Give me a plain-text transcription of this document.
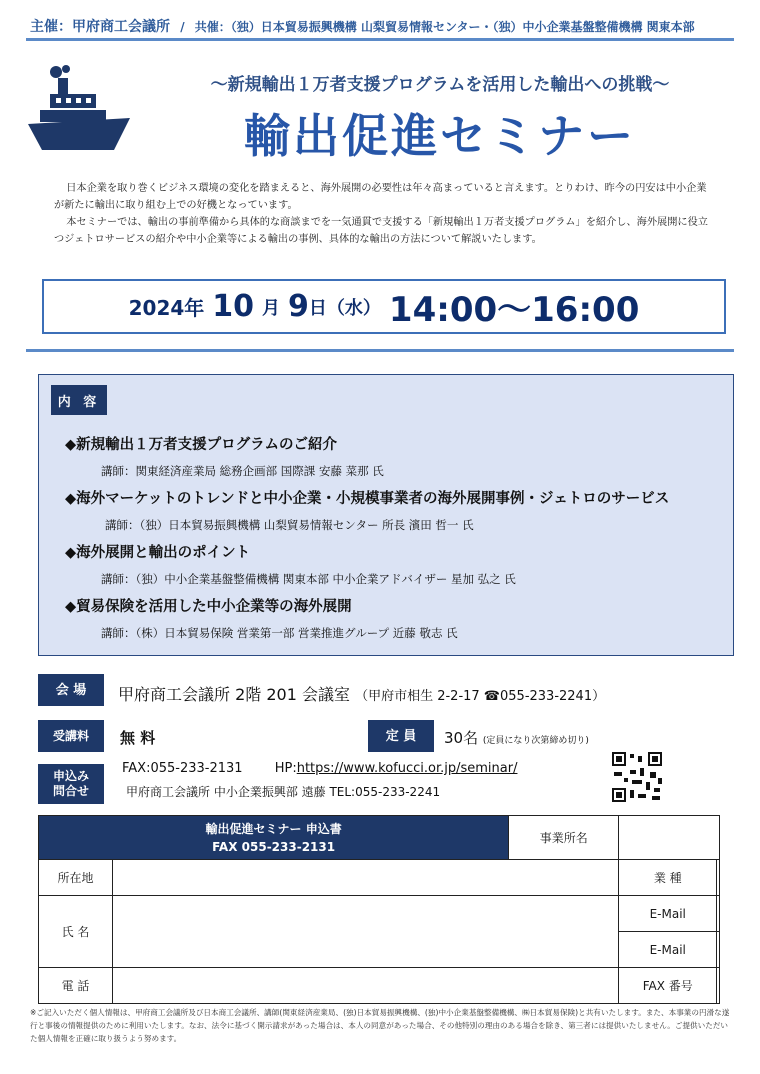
主催：甲府商工会議所 / 共催：（独）日本貿易振興機構 山梨貿易情報センター・（独）中小企業基盤整備機構 関東本部
～新規輸出１万者支援プログラムを活用した輸出への挑戦～
輸出促進セミナー

日本企業を取り巻くビジネス環境の変化を踏まえると、海外展開の必要性は年々高まっていると言えます。とりわけ、昨今の円安は中小企業が新たに輸出に取り組む上での好機となっています。

本セミナーでは、輸出の事前準備から具体的な商談までを一気通貫で支援する「新規輸出１万者支援プログラム」を紹介し、海外展開に役立つジェトロサービスの紹介や中小企業等による輸出の事例、具体的な輸出の方法について解説いたします。

2024年 10 月 9 日 （水） 14:00～16:00
内 容
◆新規輸出１万者支援プログラムのご紹介
講師：関東経済産業局 総務企画部 国際課 安藤 菜那 氏
◆海外マーケットのトレンドと中小企業・小規模事業者の海外展開事例・ジェトロのサービス
講師：（独）日本貿易振興機構 山梨貿易情報センター 所長 濱田 哲一 氏
◆海外展開と輸出のポイント
講師：（独）中小企業基盤整備機構 関東本部 中小企業アドバイザー 星加 弘之 氏
◆貿易保険を活用した中小企業等の海外展開
講師：（株）日本貿易保険 営業第一部 営業推進グループ 近藤 敬志 氏
会 場	甲府商工会議所 2階 201 会議室 （甲府市相生 2-2-17 ☎055-233-2241）
受講料	無 料	定 員	30名 (定員になり次第締め切り)
申込み
問合せ
FAX:055-233-2131 HP:https://www.kofucci.or.jp/seminar/
甲府商工会議所 中小企業振興部 遠藤 TEL:055-233-2241
輸出促進セミナー 申込書
FAX 055-233-2131		事業所名		
所在地			業 種	
氏 名			E-Mail	
			E-Mail	
電 話			FAX 番号	
※ご記入いただく個人情報は、甲府商工会議所及び日本商工会議所、講師(関東経済産業局、(独)日本貿易振興機構、(独)中小企業基盤整備機構、㈱日本貿易保険)と共有いたします。また、本事業の円滑な遂行と事後の情報提供のために利用いたします。なお、法令に基づく開示請求があった場合は、本人の同意があった場合、その他特別の理由のある場合を除き、第三者には提供いたしません。ご提供いただいた個人情報を正確に取り扱うよう努めます。
